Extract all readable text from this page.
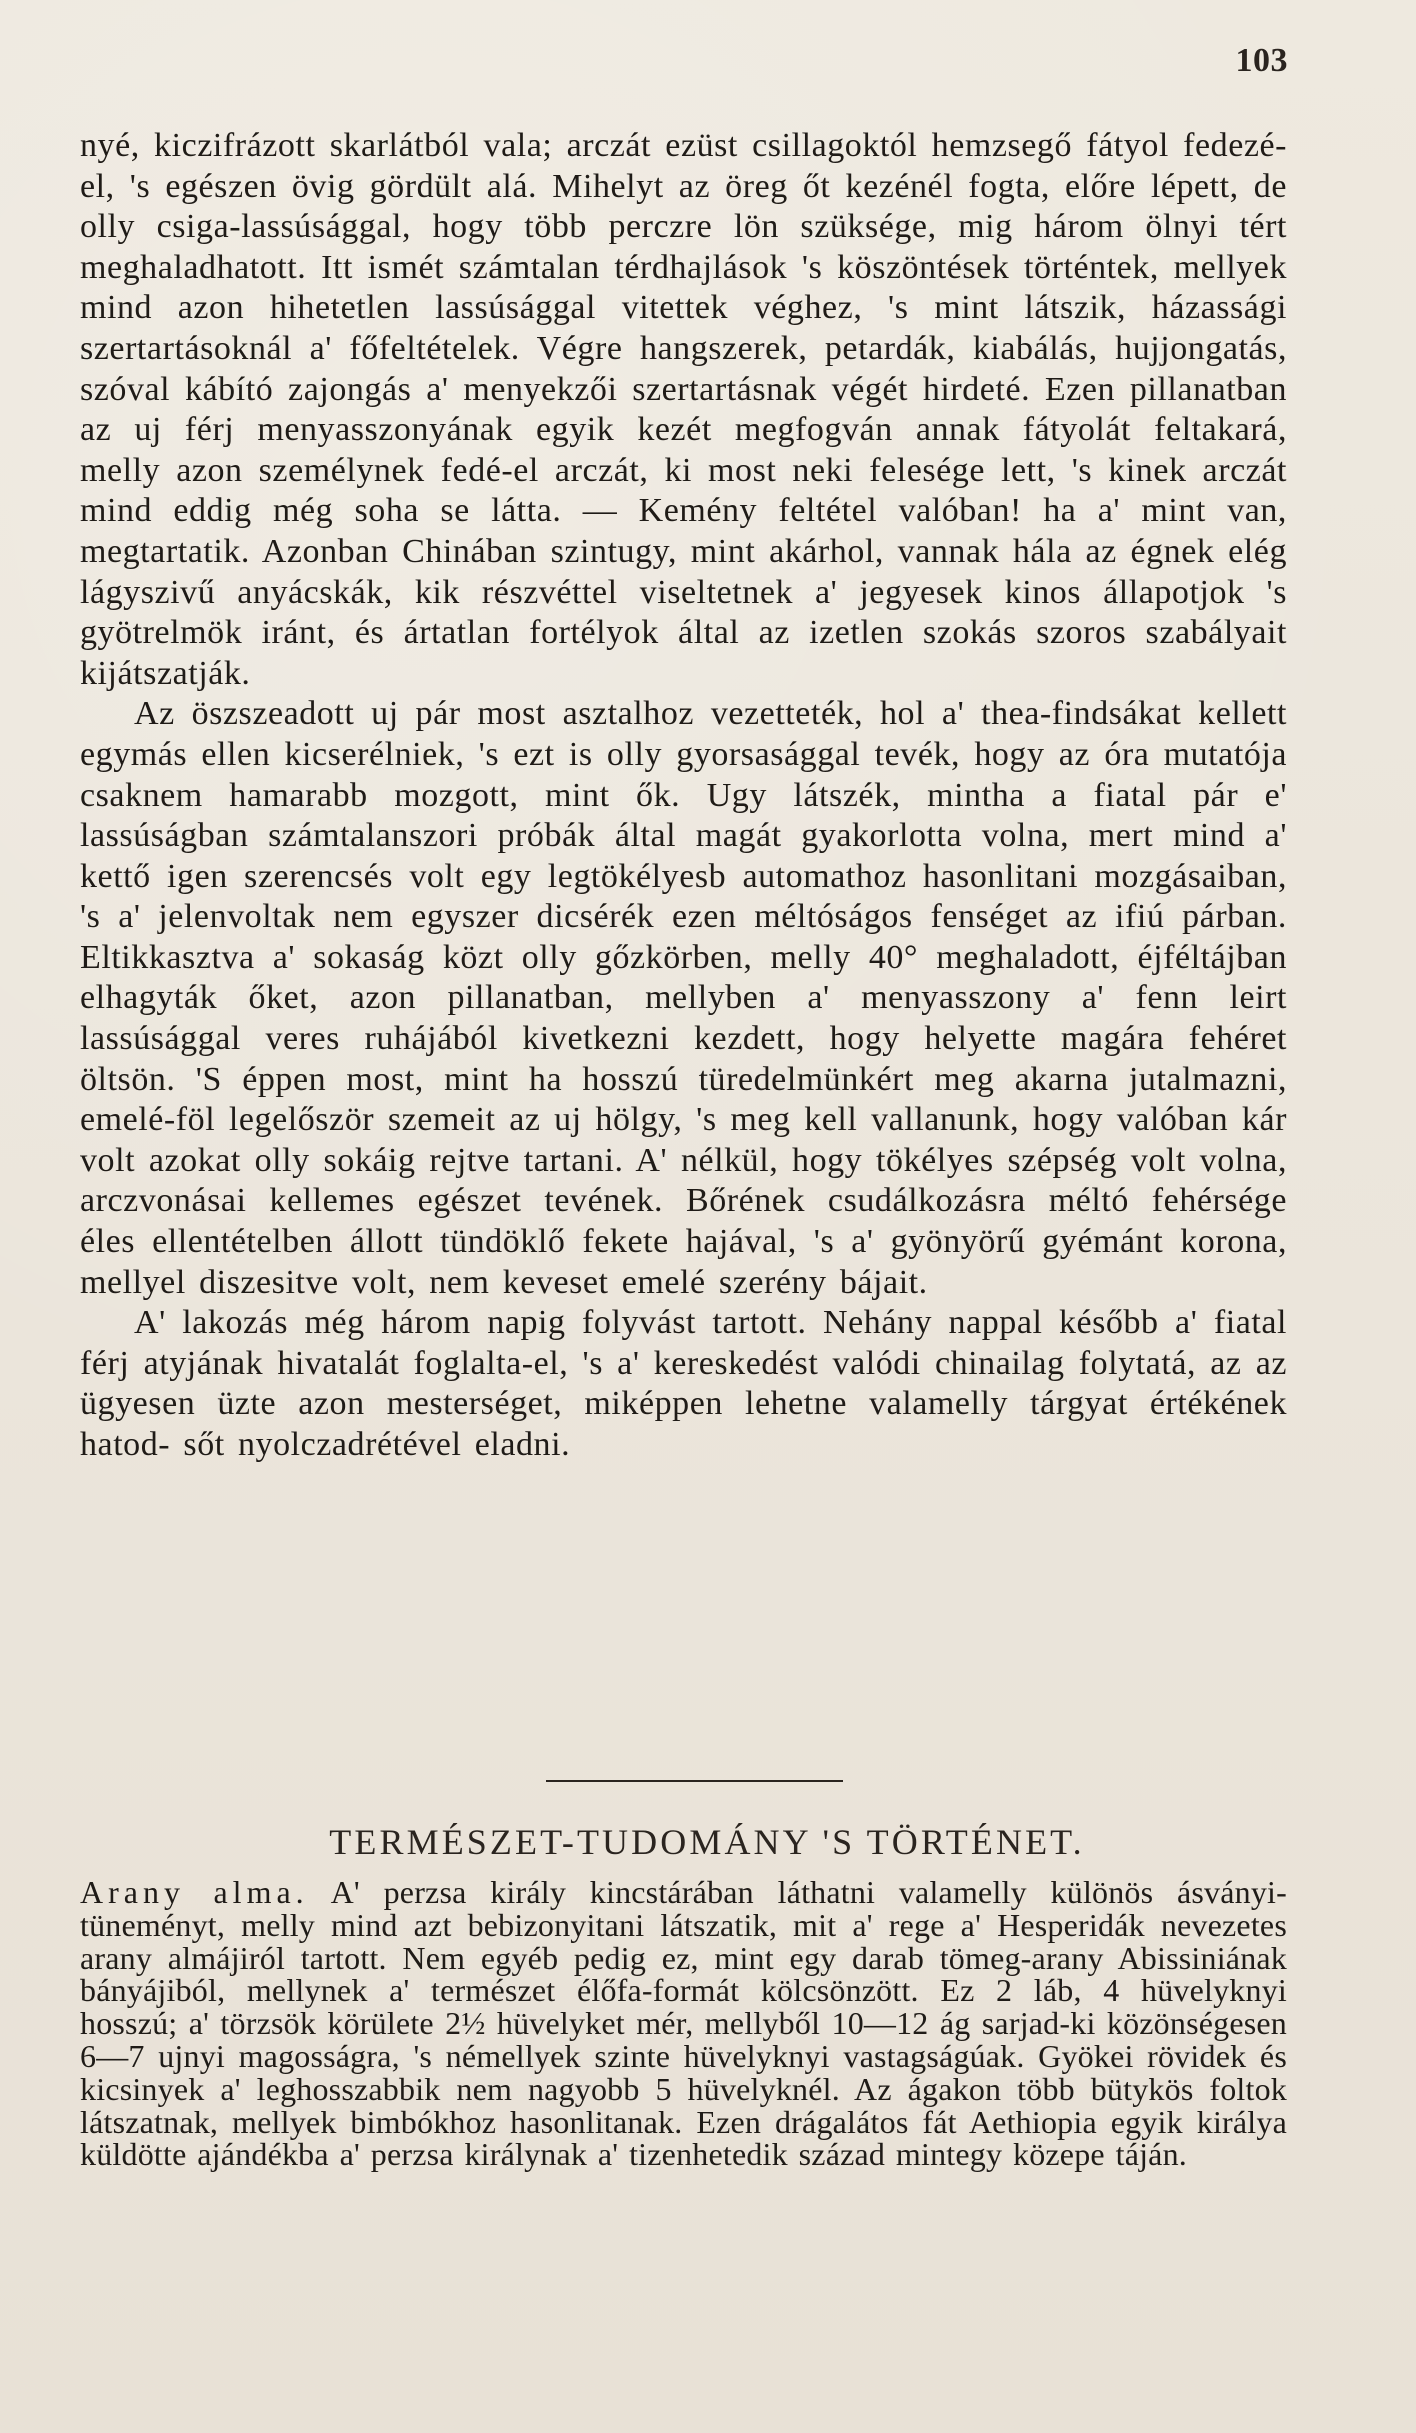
103

nyé, kiczifrázott skarlátból vala; arczát ezüst csillagoktól hemzsegő fátyol fedezé-el, 's egészen övig gördült alá. Mihelyt az öreg őt kezénél fogta, előre lépett, de olly csiga-lassúsággal, hogy több perczre lön szüksége, mig három ölnyi tért meghaladhatott. Itt ismét számtalan térdhajlások 's köszöntések történtek, mellyek mind azon hihetetlen lassúsággal vitettek véghez, 's mint látszik, házassági szertartásoknál a' főfeltételek. Végre hangszerek, petardák, kiabálás, hujjongatás, szóval kábító zajongás a' menyekzői szertartásnak végét hirdeté. Ezen pillanatban az uj férj menyasszonyának egyik kezét megfogván annak fátyolát feltakará, melly azon személynek fedé-el arczát, ki most neki felesége lett, 's kinek arczát mind eddig még soha se látta. — Kemény feltétel valóban! ha a' mint van, megtartatik. Azonban Chinában szintugy, mint akárhol, vannak hála az égnek elég lágyszivű anyácskák, kik részvéttel viseltetnek a' jegyesek kinos állapotjok 's gyötrelmök iránt, és ártatlan fortélyok által az izetlen szokás szoros szabályait kijátszatják.

Az öszszeadott uj pár most asztalhoz vezetteték, hol a' thea-findsákat kellett egymás ellen kicserélniek, 's ezt is olly gyorsasággal tevék, hogy az óra mutatója csaknem hamarabb mozgott, mint ők. Ugy látszék, mintha a fiatal pár e' lassúságban számtalanszori próbák által magát gyakorlotta volna, mert mind a' kettő igen szerencsés volt egy legtökélyesb automathoz hasonlitani mozgásaiban, 's a' jelenvoltak nem egyszer dicsérék ezen méltóságos fenséget az ifiú párban. Eltikkasztva a' sokaság közt olly gőzkörben, melly 40° meghaladott, éjféltájban elhagyták őket, azon pillanatban, mellyben a' menyasszony a' fenn leirt lassúsággal veres ruhájából kivetkezni kezdett, hogy helyette magára fehéret öltsön. 'S éppen most, mint ha hosszú türedelmünkért meg akarna jutalmazni, emelé-föl legelőször szemeit az uj hölgy, 's meg kell vallanunk, hogy valóban kár volt azokat olly sokáig rejtve tartani. A' nélkül, hogy tökélyes szépség volt volna, arczvonásai kellemes egészet tevének. Bőrének csudálkozásra méltó fehérsége éles ellentételben állott tündöklő fekete hajával, 's a' gyönyörű gyémánt korona, mellyel diszesitve volt, nem keveset emelé szerény bájait.

A' lakozás még három napig folyvást tartott. Nehány nappal később a' fiatal férj atyjának hivatalát foglalta-el, 's a' kereskedést valódi chinailag folytatá, az az ügyesen üzte azon mesterséget, miképpen lehetne valamelly tárgyat értékének hatod- sőt nyolczadrétével eladni.

TERMÉSZET-TUDOMÁNY 'S TÖRTÉNET.

Arany alma. A' perzsa király kincstárában láthatni valamelly különös ásványi-tüneményt, melly mind azt bebizonyitani látszatik, mit a' rege a' Hesperidák nevezetes arany almájiról tartott. Nem egyéb pedig ez, mint egy darab tömeg-arany Abissiniának bányájiból, mellynek a' természet élőfa-formát kölcsönzött. Ez 2 láb, 4 hüvelyknyi hosszú; a' törzsök körülete 2½ hüvelyket mér, mellyből 10—12 ág sarjad-ki közönségesen 6—7 ujnyi magosságra, 's némellyek szinte hüvelyknyi vastagságúak. Gyökei rövidek és kicsinyek a' leghosszabbik nem nagyobb 5 hüvelyknél. Az ágakon több bütykös foltok látszatnak, mellyek bimbókhoz hasonlitanak. Ezen drágalátos fát Aethiopia egyik királya küldötte ajándékba a' perzsa királynak a' tizenhetedik század mintegy közepe táján.
